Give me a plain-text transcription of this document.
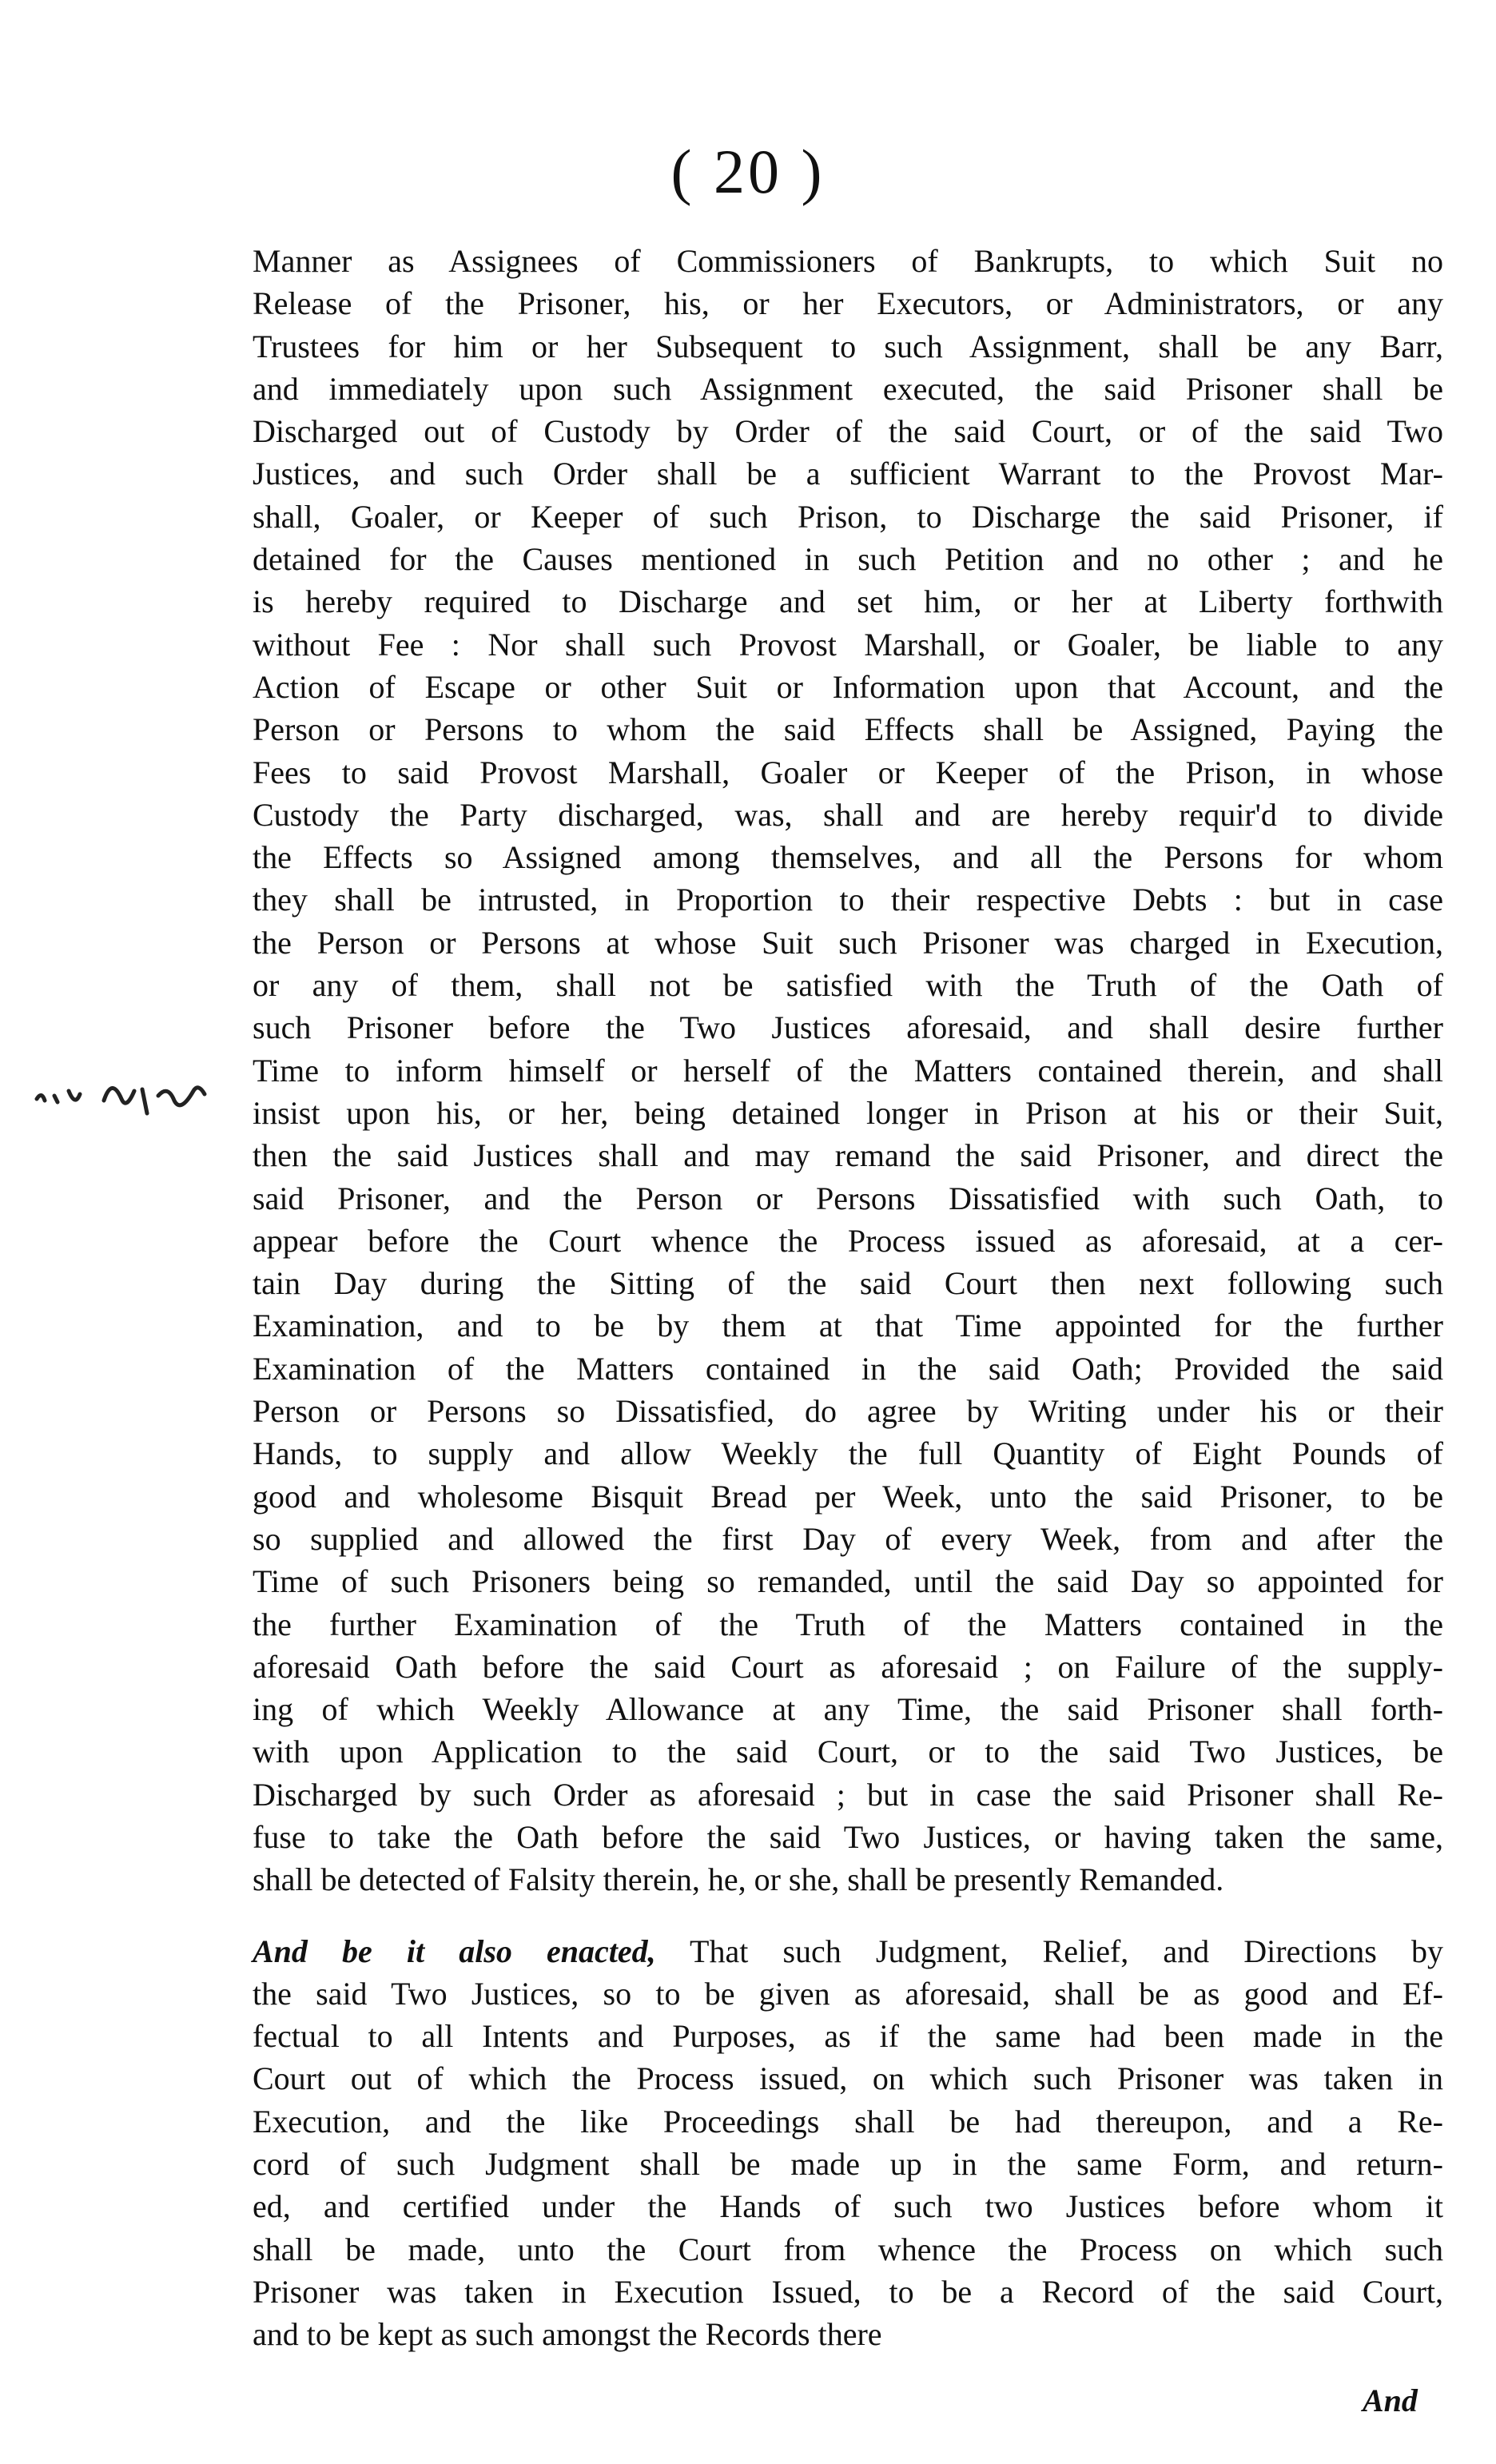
( 20 )
Manner as Assignees of Commissioners of Bankrupts, to which Suit no
Release of the Prisoner, his, or her Executors, or Administrators, or any
Trustees for him or her Subsequent to such Assignment, shall be any Barr,
and immediately upon such Assignment executed, the said Prisoner shall be
Discharged out of Custody by Order of the said Court, or of the said Two
Justices, and such Order shall be a sufficient Warrant to the Provost Mar-
shall, Goaler, or Keeper of such Prison, to Discharge the said Prisoner, if
detained for the Causes mentioned in such Petition and no other ; and he
is hereby required to Discharge and set him, or her at Liberty forthwith
without Fee : Nor shall such Provost Marshall, or Goaler, be liable to any
Action of Escape or other Suit or Information upon that Account, and the
Person or Persons to whom the said Effects shall be Assigned, Paying the
Fees to said Provost Marshall, Goaler or Keeper of the Prison, in whose
Custody the Party discharged, was, shall and are hereby requir'd to divide
the Effects so Assigned among themselves, and all the Persons for whom
they shall be intrusted, in Proportion to their respective Debts : but in case
the Person or Persons at whose Suit such Prisoner was charged in Execution,
or any of them, shall not be satisfied with the Truth of the Oath of
such Prisoner before the Two Justices aforesaid, and shall desire further
Time to inform himself or herself of the Matters contained therein, and shall
insist upon his, or her, being detained longer in Prison at his or their Suit,
then the said Justices shall and may remand the said Prisoner, and direct the
said Prisoner, and the Person or Persons Dissatisfied with such Oath, to
appear before the Court whence the Process issued as aforesaid, at a cer-
tain Day during the Sitting of the said Court then next following such
Examination, and to be by them at that Time appointed for the further
Examination of the Matters contained in the said Oath; Provided the said
Person or Persons so Dissatisfied, do agree by Writing under his or their
Hands, to supply and allow Weekly the full Quantity of Eight Pounds of
good and wholesome Bisquit Bread per Week, unto the said Prisoner, to be
so supplied and allowed the first Day of every Week, from and after the
Time of such Prisoners being so remanded, until the said Day so appointed for
the further Examination of the Truth of the Matters contained in the
aforesaid Oath before the said Court as aforesaid ; on Failure of the supply-
ing of which Weekly Allowance at any Time, the said Prisoner shall forth-
with upon Application to the said Court, or to the said Two Justices, be
Discharged by such Order as aforesaid ; but in case the said Prisoner shall Re-
fuse to take the Oath before the said Two Justices, or having taken the same,
shall be detected of Falsity therein, he, or she, shall be presently Remanded.
And be it also enacted, That such Judgment, Relief, and Directions by
the said Two Justices, so to be given as aforesaid, shall be as good and Ef-
fectual to all Intents and Purposes, as if the same had been made in the
Court out of which the Process issued, on which such Prisoner was taken in
Execution, and the like Proceedings shall be had thereupon, and a Re-
cord of such Judgment shall be made up in the same Form, and return-
ed, and certified under the Hands of such two Justices before whom it
shall be made, unto the Court from whence the Process on which such
Prisoner was taken in Execution Issued, to be a Record of the said Court,
and to be kept as such amongst the Records there
And
